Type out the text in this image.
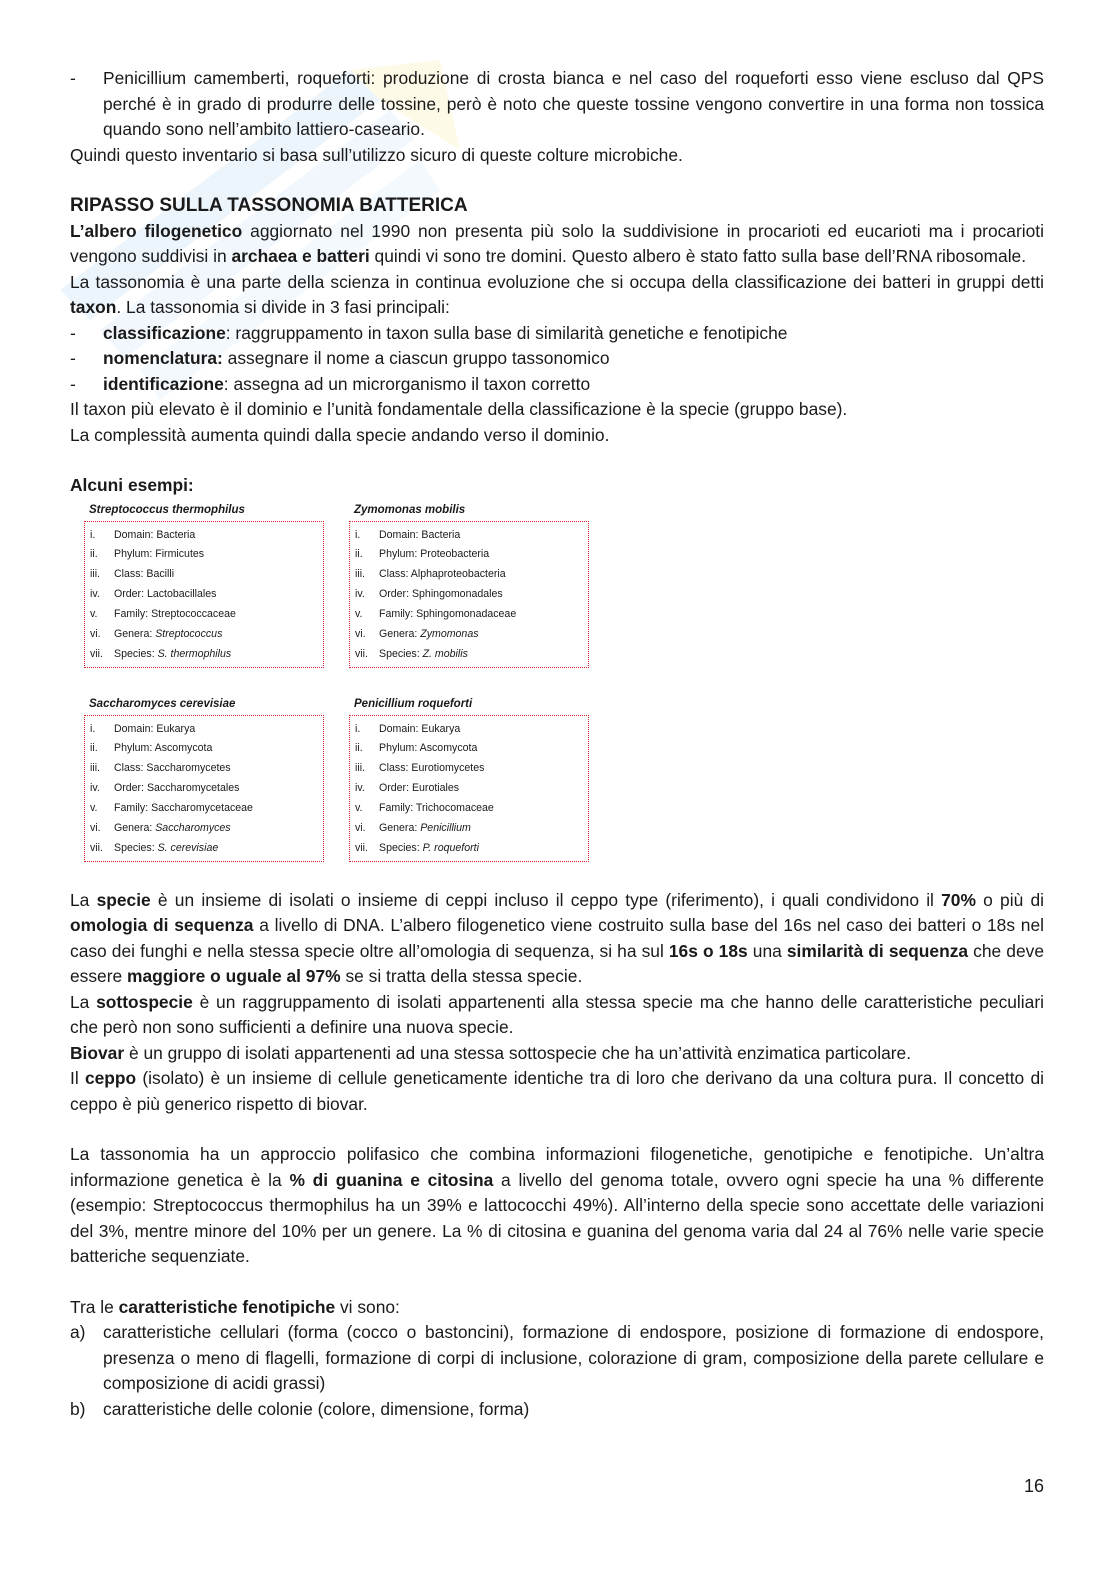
- Penicillium camemberti, roqueforti: produzione di crosta bianca e nel caso del roqueforti esso viene escluso dal QPS perché è in grado di produrre delle tossine, però è noto che queste tossine vengono convertire in una forma non tossica quando sono nell’ambito lattiero-caseario.

Quindi questo inventario si basa sull’utilizzo sicuro di queste colture microbiche.

RIPASSO SULLA TASSONOMIA BATTERICA

L’albero filogenetico aggiornato nel 1990 non presenta più solo la suddivisione in procarioti ed eucarioti ma i procarioti vengono suddivisi in archaea e batteri quindi vi sono tre domini. Questo albero è stato fatto sulla base dell’RNA ribosomale.

La tassonomia è una parte della scienza in continua evoluzione che si occupa della classificazione dei batteri in gruppi detti taxon. La tassonomia si divide in 3 fasi principali:

- classificazione: raggruppamento in taxon sulla base di similarità genetiche e fenotipiche
- nomenclatura: assegnare il nome a ciascun gruppo tassonomico
- identificazione: assegna ad un microrganismo il taxon corretto

Il taxon più elevato è il dominio e l’unità fondamentale della classificazione è la specie (gruppo base).

La complessità aumenta quindi dalla specie andando verso il dominio.

Alcuni esempi:
Streptococcus thermophilus
i. Domain: Bacteria
ii. Phylum: Firmicutes
iii. Class: Bacilli
iv. Order: Lactobacillales
v. Family: Streptococcaceae
vi. Genera: Streptococcus
vii. Species: S. thermophilus
Zymomonas mobilis
i. Domain: Bacteria
ii. Phylum: Proteobacteria
iii. Class: Alphaproteobacteria
iv. Order: Sphingomonadales
v. Family: Sphingomonadaceae
vi. Genera: Zymomonas
vii. Species: Z. mobilis
Saccharomyces cerevisiae
i. Domain: Eukarya
ii. Phylum: Ascomycota
iii. Class: Saccharomycetes
iv. Order: Saccharomycetales
v. Family: Saccharomycetaceae
vi. Genera: Saccharomyces
vii. Species: S. cerevisiae
Penicillium roqueforti
i. Domain: Eukarya
ii. Phylum: Ascomycota
iii. Class: Eurotiomycetes
iv. Order: Eurotiales
v. Family: Trichocomaceae
vi. Genera: Penicillium
vii. Species: P. roqueforti

La specie è un insieme di isolati o insieme di ceppi incluso il ceppo type (riferimento), i quali condividono il 70% o più di omologia di sequenza a livello di DNA. L’albero filogenetico viene costruito sulla base del 16s nel caso dei batteri o 18s nel caso dei funghi e nella stessa specie oltre all’omologia di sequenza, si ha sul 16s o 18s una similarità di sequenza che deve essere maggiore o uguale al 97% se si tratta della stessa specie.

La sottospecie è un raggruppamento di isolati appartenenti alla stessa specie ma che hanno delle caratteristiche peculiari che però non sono sufficienti a definire una nuova specie.

Biovar è un gruppo di isolati appartenenti ad una stessa sottospecie che ha un’attività enzimatica particolare.

Il ceppo (isolato) è un insieme di cellule geneticamente identiche tra di loro che derivano da una coltura pura. Il concetto di ceppo è più generico rispetto di biovar.

La tassonomia ha un approccio polifasico che combina informazioni filogenetiche, genotipiche e fenotipiche. Un’altra informazione genetica è la % di guanina e citosina a livello del genoma totale, ovvero ogni specie ha una % differente (esempio: Streptococcus thermophilus ha un 39% e lattococchi 49%). All’interno della specie sono accettate delle variazioni del 3%, mentre minore del 10% per un genere. La % di citosina e guanina del genoma varia dal 24 al 76% nelle varie specie batteriche sequenziate.

Tra le caratteristiche fenotipiche vi sono:

a) caratteristiche cellulari (forma (cocco o bastoncini), formazione di endospore, posizione di formazione di endospore, presenza o meno di flagelli, formazione di corpi di inclusione, colorazione di gram, composizione della parete cellulare e composizione di acidi grassi)
b) caratteristiche delle colonie (colore, dimensione, forma)
16
